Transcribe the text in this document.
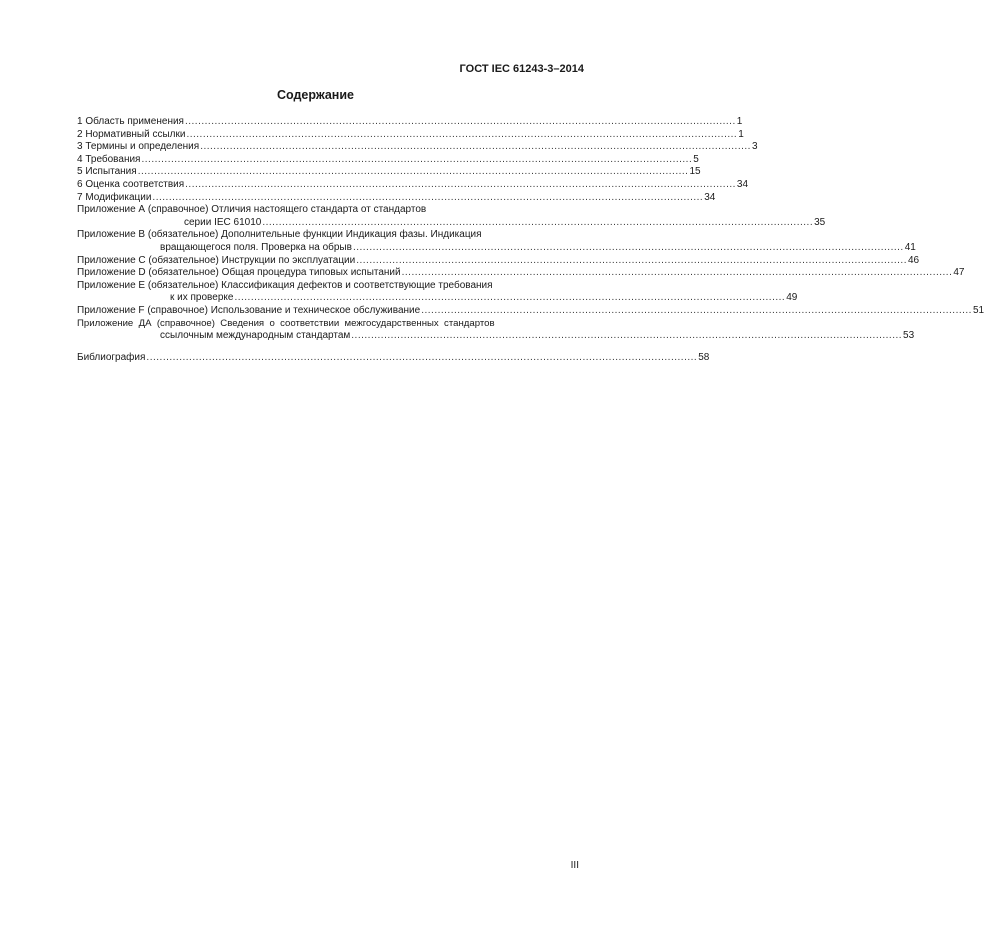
ГОСТ IEC 61243-3–2014
Содержание
1 Область применения ........................................................................................................................................................................ 1
2 Нормативный ссылки ........................................................................................................................................................................ 1
3 Термины и определения ........................................................................................................................................................................ 3
4 Требования ........................................................................................................................................................................ 5
5 Испытания ........................................................................................................................................................................ 15
6 Оценка соответствия ........................................................................................................................................................................ 34
7 Модификации ........................................................................................................................................................................ 34
Приложение А (справочное) Отличия настоящего стандарта от стандартов
серии IEC 61010 ........................................................................................................................................................................ 35
Приложение В (обязательное) Дополнительные функции Индикация фазы. Индикация
вращающегося поля. Проверка на обрыв ........................................................................................................................................................................ 41
Приложение С (обязательное) Инструкции по эксплуатации ........................................................................................................................................................................ 46
Приложение D (обязательное) Общая процедура типовых испытаний ........................................................................................................................................................................ 47
Приложение Е (обязательное) Классификация дефектов и соответствующие требования
к их проверке ........................................................................................................................................................................ 49
Приложение F (справочное) Использование и техническое обслуживание ........................................................................................................................................................................ 51
Приложение  ДА  (справочное)  Сведения  о  соответствии  межгосударственных  стандартов
ссылочным международным стандартам ........................................................................................................................................................................ 53
Библиография ........................................................................................................................................................................ 58
III
